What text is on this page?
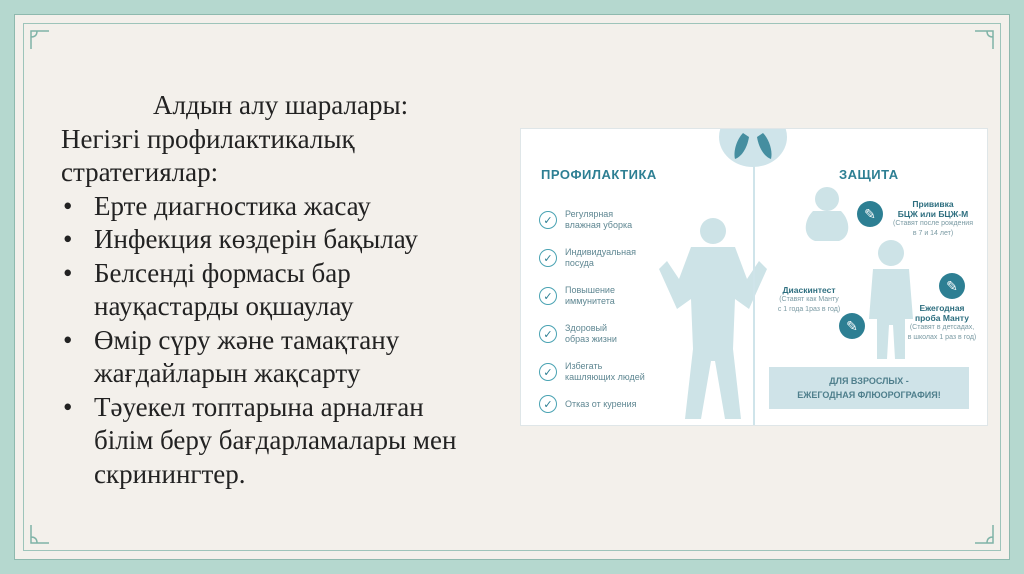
Алдын алу шаралары:
Негізгі профилактикалық
стратегиялар:
• Ерте диагностика жасау
• Инфекция көздерін бақылау
• Белсенді формасы бар
науқастарды оқшаулау
• Өмір сүру және тамақтану
жағдайларын жақсарту
• Тәуекел топтарына арналған
білім беру бағдарламалары мен
скринингтер.
ПРОФИЛАКТИКА	ЗАЩИТА
✓
Регулярная
влажная уборка
✓
Индивидуальная
посуда
✓
Повышение
иммунитета
✓
Здоровый
образ жизни
✓
Избегать
кашляющих людей
✓	Отказ от курения
✎
✎
✎
Прививка
БЦЖ или БЦЖ-М
(Ставят после рождения
в 7 и 14 лет)
Диаскинтест
(Ставят как Манту
с 1 года 1раз в год)	Ежегодная
проба Манту
(Ставят в детсадах,
в школах 1 раз в год)
ДЛЯ ВЗРОСЛЫХ -
ЕЖЕГОДНАЯ ФЛЮОРОГРАФИЯ!
